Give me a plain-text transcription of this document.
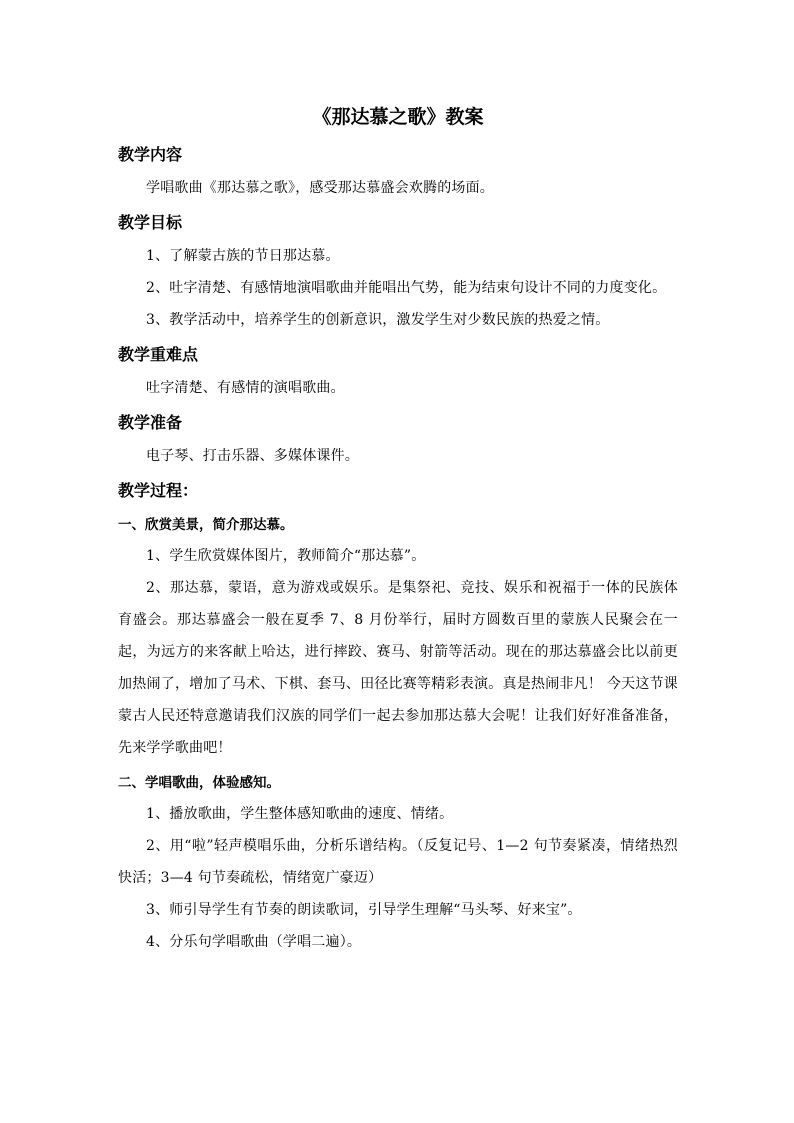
《那达慕之歌》教案
教学内容

学唱歌曲《那达慕之歌》，感受那达慕盛会欢腾的场面。

教学目标

1、了解蒙古族的节日那达慕。

2、吐字清楚、有感情地演唱歌曲并能唱出气势，能为结束句设计不同的力度变化。

3、教学活动中，培养学生的创新意识，激发学生对少数民族的热爱之情。

教学重难点

吐字清楚、有感情的演唱歌曲。

教学准备

电子琴、打击乐器、多媒体课件。

教学过程：
一、欣赏美景，简介那达慕。

1、学生欣赏媒体图片，教师简介“那达慕”。

2、那达慕，蒙语，意为游戏或娱乐。是集祭祀、竞技、娱乐和祝福于一体的民族体育盛会。那达慕盛会一般在夏季 7、8 月份举行，届时方圆数百里的蒙族人民聚会在一起，为远方的来客献上哈达，进行摔跤、赛马、射箭等活动。现在的那达慕盛会比以前更加热闹了，增加了马术、下棋、套马、田径比赛等精彩表演。真是热闹非凡！ 今天这节课蒙古人民还特意邀请我们汉族的同学们一起去参加那达慕大会呢！让我们好好准备准备，先来学学歌曲吧！

二、学唱歌曲，体验感知。

1、播放歌曲，学生整体感知歌曲的速度、情绪。

2、用“啦”轻声模唱乐曲，分析乐谱结构。（反复记号、1—2 句节奏紧凑，情绪热烈快活；3—4 句节奏疏松，情绪宽广豪迈）

3、师引导学生有节奏的朗读歌词，引导学生理解“马头琴、好来宝”。

4、分乐句学唱歌曲（学唱二遍）。
